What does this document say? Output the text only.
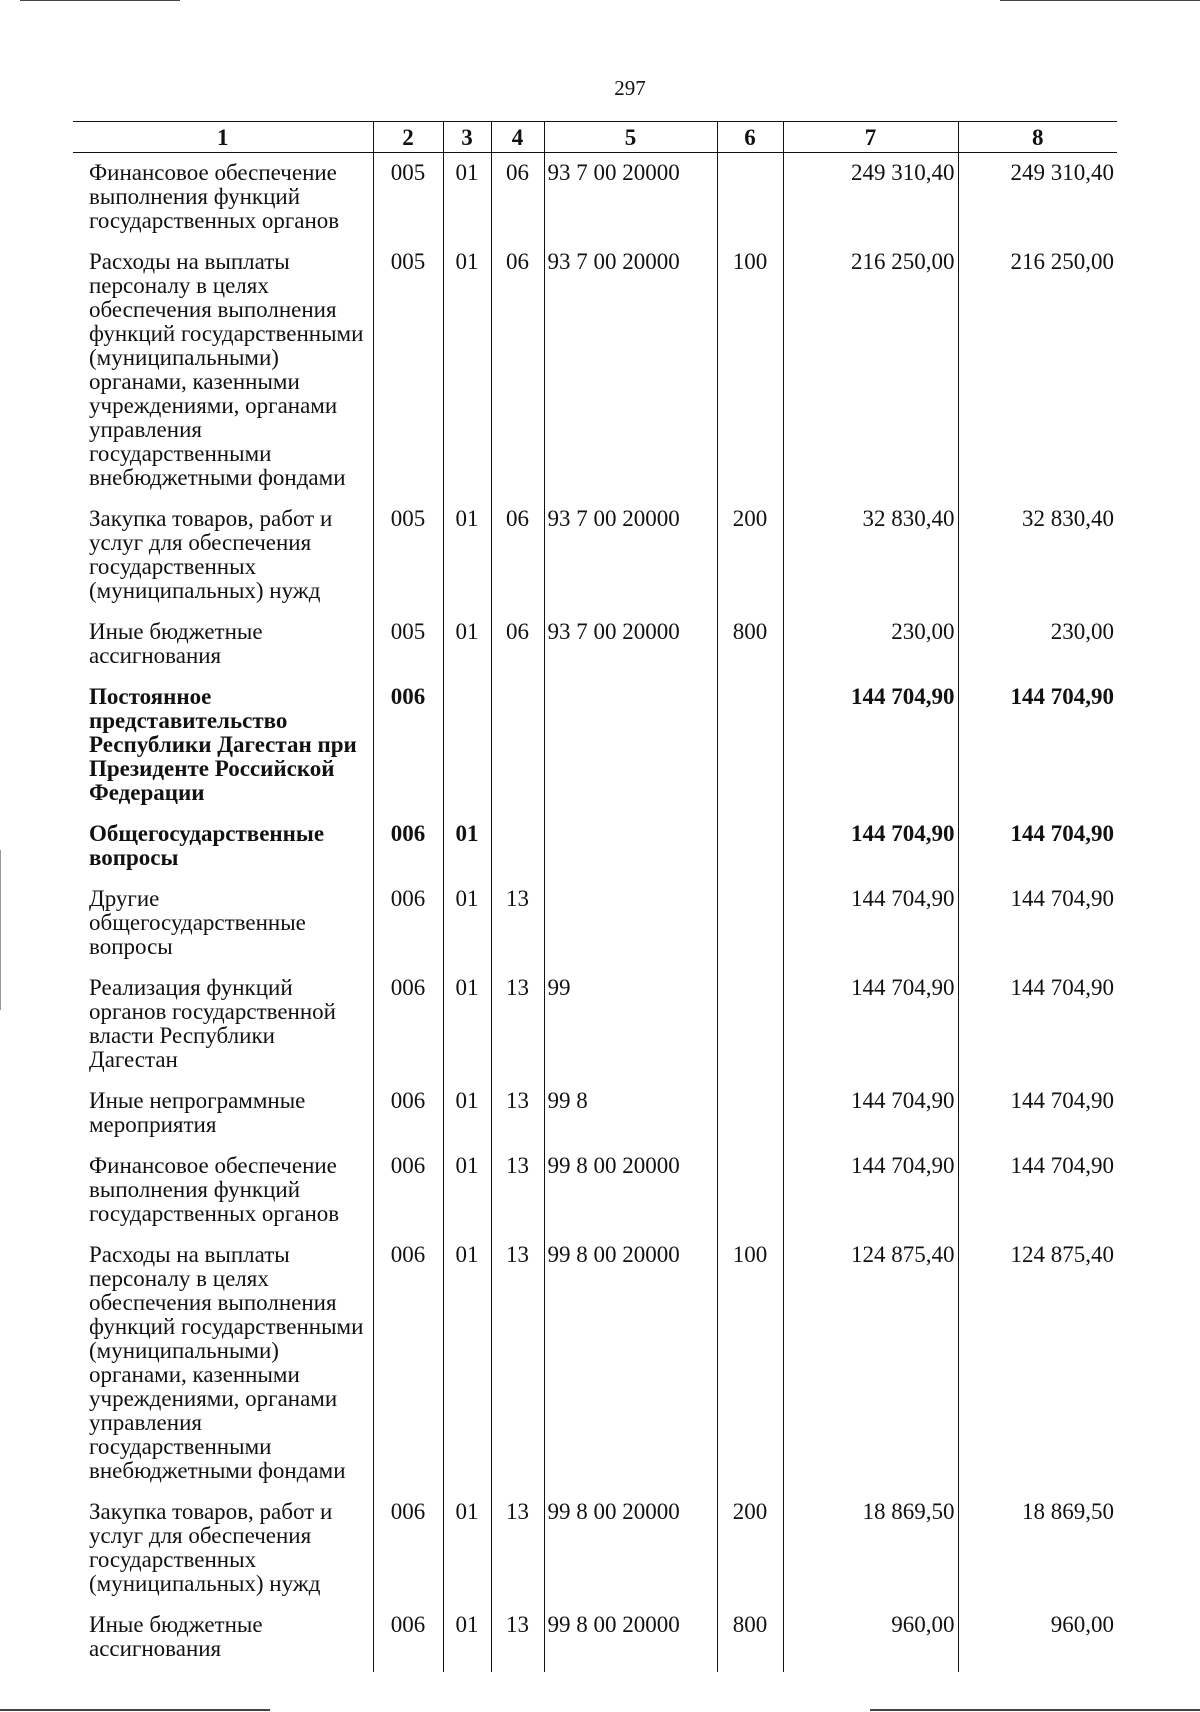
297
1	2	3	4	5	6	7	8
Финансовое обеспечение выполнения функций государственных органов	005	01	06	93 7 00 20000		249 310,40	249 310,40
Расходы на выплаты персоналу в целях обеспечения выполнения функций государственными (муниципальными) органами, казенными учреждениями, органами управления государственными внебюджетными фондами	005	01	06	93 7 00 20000	100	216 250,00	216 250,00
Закупка товаров, работ и услуг для обеспечения государственных (муниципальных) нужд	005	01	06	93 7 00 20000	200	32 830,40	32 830,40
Иные бюджетные ассигнования	005	01	06	93 7 00 20000	800	230,00	230,00
Постоянное представительство Республики Дагестан при Президенте Российской Федерации	006					144 704,90	144 704,90
Общегосударственные вопросы	006	01				144 704,90	144 704,90
Другие общегосударственные вопросы	006	01	13			144 704,90	144 704,90
Реализация функций органов государственной власти Республики Дагестан	006	01	13	99		144 704,90	144 704,90
Иные непрограммные мероприятия	006	01	13	99 8		144 704,90	144 704,90
Финансовое обеспечение выполнения функций государственных органов	006	01	13	99 8 00 20000		144 704,90	144 704,90
Расходы на выплаты персоналу в целях обеспечения выполнения функций государственными (муниципальными) органами, казенными учреждениями, органами управления государственными внебюджетными фондами	006	01	13	99 8 00 20000	100	124 875,40	124 875,40
Закупка товаров, работ и услуг для обеспечения государственных (муниципальных) нужд	006	01	13	99 8 00 20000	200	18 869,50	18 869,50
Иные бюджетные ассигнования	006	01	13	99 8 00 20000	800	960,00	960,00
